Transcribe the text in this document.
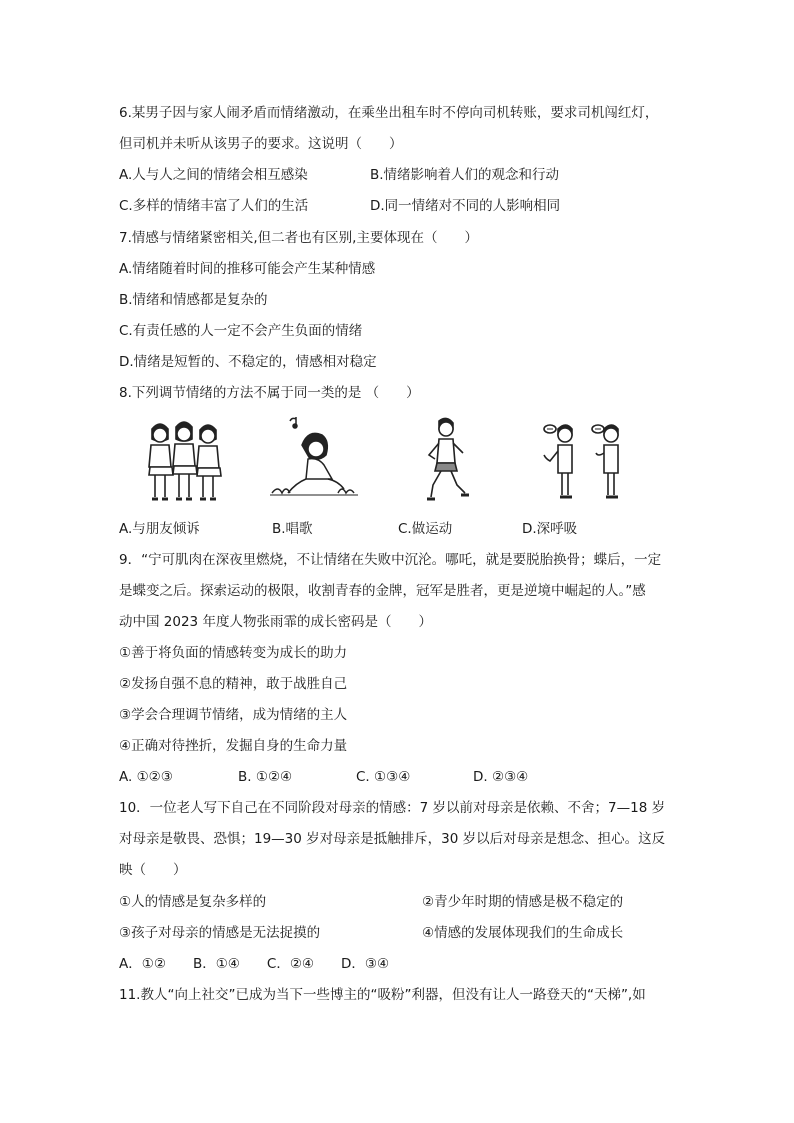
6.某男子因与家人闹矛盾而情绪激动，在乘坐出租车时不停向司机转账，要求司机闯红灯，
但司机并未听从该男子的要求。这说明（　　）
A.人与人之间的情绪会相互感染	B.情绪影响着人们的观念和行动
C.多样的情绪丰富了人们的生活	D.同一情绪对不同的人影响相同
7.情感与情绪紧密相关,但二者也有区别,主要体现在（　　）
A.情绪随着时间的推移可能会产生某种情感
B.情绪和情感都是复杂的
C.有责任感的人一定不会产生负面的情绪
D.情绪是短暂的、不稳定的，情感相对稳定
8.下列调节情绪的方法不属于同一类的是 （　　）
A.与朋友倾诉	B.唱歌	C.做运动	D.深呼吸
9．“宁可肌肉在深夜里燃烧，不让情绪在失败中沉沦。哪吒，就是要脱胎换骨；蝶后，一定
是蝶变之后。探索运动的极限，收割青春的金牌，冠军是胜者，更是逆境中崛起的人。”感
动中国 2023 年度人物张雨霏的成长密码是（　　）
①善于将负面的情感转变为成长的助力
②发扬自强不息的精神，敢于战胜自己
③学会合理调节情绪，成为情绪的主人
④正确对待挫折，发掘自身的生命力量
A. ①②③	B. ①②④	C. ①③④	D. ②③④
10．一位老人写下自己在不同阶段对母亲的情感：7 岁以前对母亲是依赖、不舍；7—18 岁
对母亲是敬畏、恐惧；19—30 岁对母亲是抵触排斥，30 岁以后对母亲是想念、担心。这反
映（　　）
①人的情感是复杂多样的	②青少年时期的情感是极不稳定的
③孩子对母亲的情感是无法捉摸的	④情感的发展体现我们的生命成长
A．①②　　B．①④　　C．②④　　D．③④
11.教人“向上社交”已成为当下一些博主的“吸粉”利器，但没有让人一路登天的“天梯”,如
